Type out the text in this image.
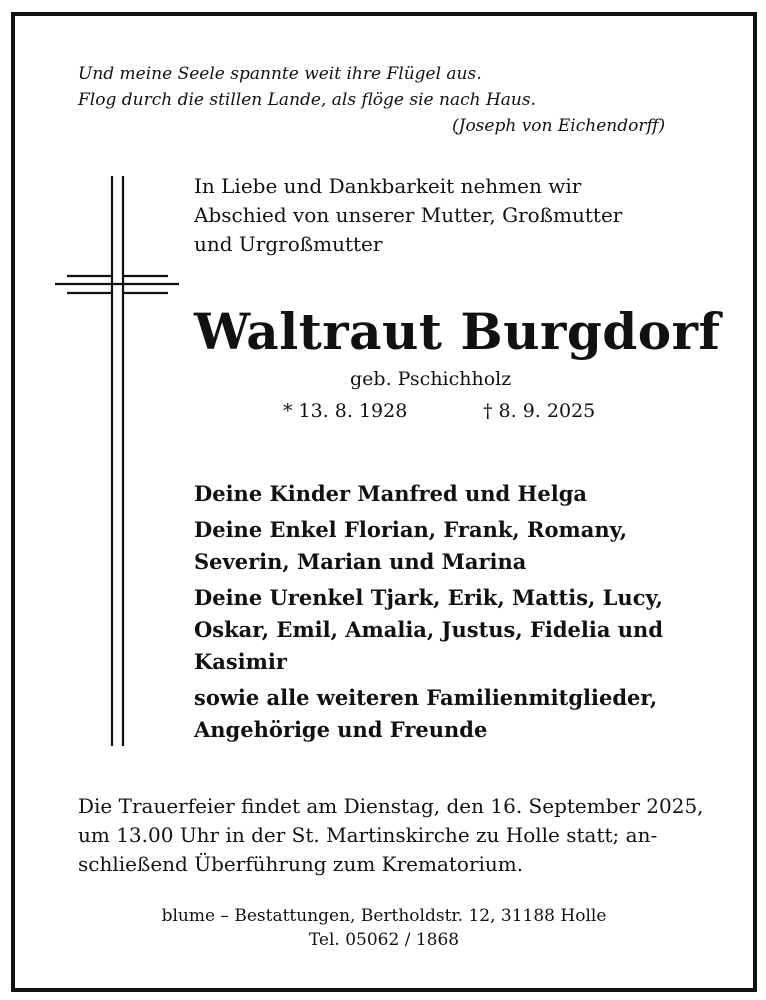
Und meine Seele spannte weit ihre Flügel aus.
Flog durch die stillen Lande, als flöge sie nach Haus.
(Joseph von Eichendorff)
In Liebe und Dankbarkeit nehmen wir
Abschied von unserer Mutter, Großmutter
und Urgroßmutter
Waltraut Burgdorf
geb. Pschichholz
* 13. 8. 1928	† 8. 9. 2025
Deine Kinder Manfred und Helga
Deine Enkel Florian, Frank, Romany,
Severin, Marian und Marina
Deine Urenkel Tjark, Erik, Mattis, Lucy,
Oskar, Emil, Amalia, Justus, Fidelia und
Kasimir
sowie alle weiteren Familienmitglieder,
Angehörige und Freunde
Die Trauerfeier findet am Dienstag, den 16. September 2025,
um 13.00 Uhr in der St. Martinskirche zu Holle statt; an-
schließend Überführung zum Krematorium.
blume – Bestattungen, Bertholdstr. 12, 31188 Holle
Tel. 05062 / 1868
